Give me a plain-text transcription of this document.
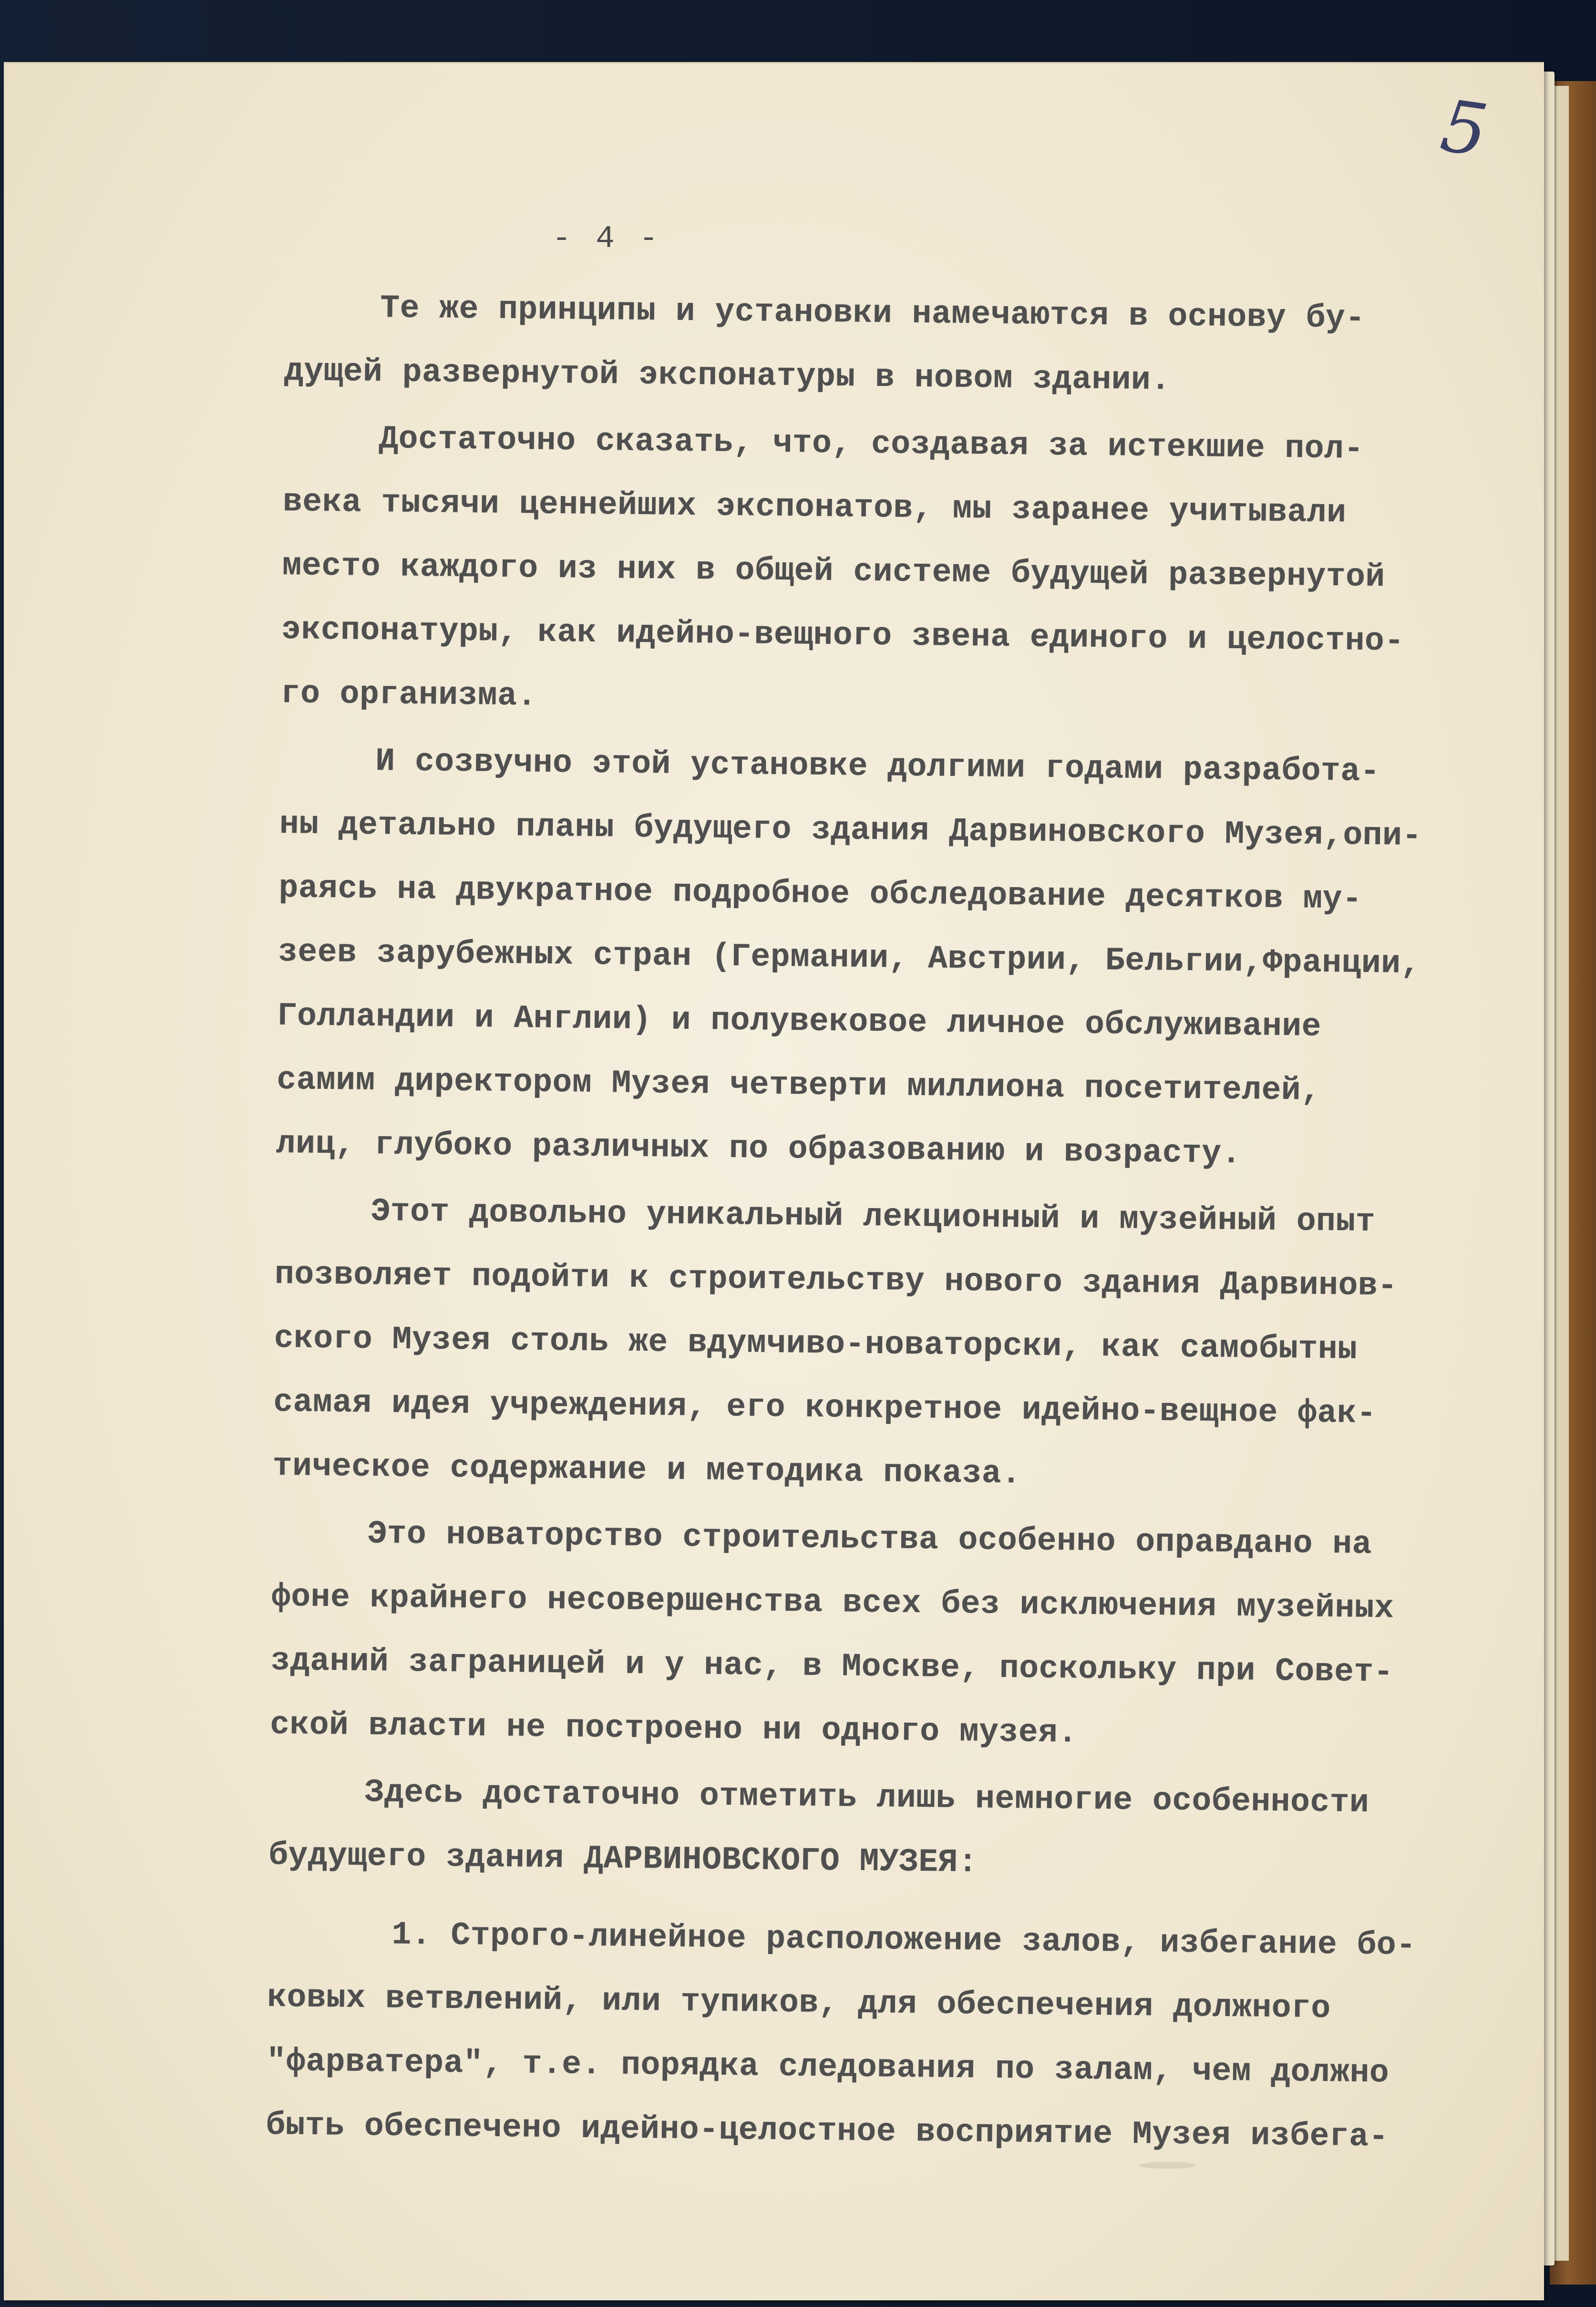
5
- 4 -
Те же принципы и установки намечаются в основу бу-
дущей развернутой экспонатуры в новом здании.
Достаточно сказать, что, создавая за истекшие пол-
века тысячи ценнейших экспонатов, мы заранее учитывали
место каждого из них в общей системе будущей развернутой
экспонатуры, как идейно-вещного звена единого и целостно-
го организма.
И созвучно этой установке долгими годами разработа-
ны детально планы будущего здания Дарвиновского Музея,опи-
раясь на двукратное подробное обследование десятков му-
зеев зарубежных стран (Германии, Австрии, Бельгии,Франции,
Голландии и Англии) и полувековое личное обслуживание
самим директором Музея четверти миллиона посетителей,
лиц, глубоко различных по образованию и возрасту.
Этот довольно уникальный лекционный и музейный опыт
позволяет подойти к строительству нового здания Дарвинов-
ского Музея столь же вдумчиво-новаторски, как самобытны
самая идея учреждения, его конкретное идейно-вещное фак-
тическое содержание и методика показа.
Это новаторство строительства особенно оправдано на
фоне крайнего несовершенства всех без исключения музейных
зданий заграницей и у нас, в Москве, поскольку при Совет-
ской власти не построено ни одного музея.
Здесь достаточно отметить лишь немногие особенности
будущего здания ДАРВИНОВСКОГО МУЗЕЯ:
1. Строго-линейное расположение залов, избегание бо-
ковых ветвлений, или тупиков, для обеспечения должного
"фарватера", т.е. порядка следования по залам, чем должно
быть обеспечено идейно-целостное восприятие Музея избега-
